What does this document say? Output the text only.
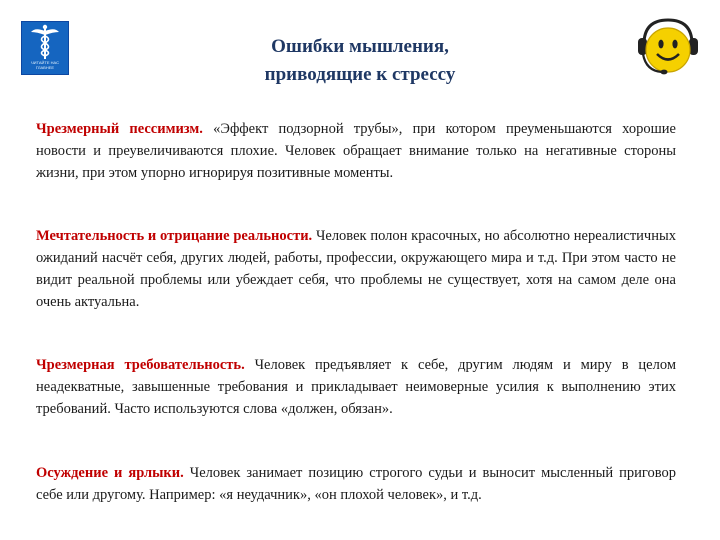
ЧИТАЙТЕ НАС ГЛАВНЕЕ
Ошибки мышления,
приводящие к стрессу

Чрезмерный пессимизм. «Эффект подзорной трубы», при котором преуменьшаются хорошие новости и преувеличиваются плохие. Человек обращает внимание только на негативные стороны жизни, при этом упорно игнорируя позитивные моменты.

Мечтательность и отрицание реальности. Человек полон красочных, но абсолютно нереалистичных ожиданий насчёт себя, других людей, работы, профессии, окружающего мира и т.д. При этом часто не видит реальной проблемы или убеждает себя, что проблемы не существует, хотя на самом деле она очень актуальна.

Чрезмерная требовательность. Человек предъявляет к себе, другим людям и миру в целом неадекватные, завышенные требования и прикладывает неимоверные усилия к выполнению этих требований. Часто используются слова «должен, обязан».

Осуждение и ярлыки. Человек занимает позицию строгого судьи и выносит мысленный приговор себе или другому. Например: «я неудачник», «он плохой человек», и т.д.
